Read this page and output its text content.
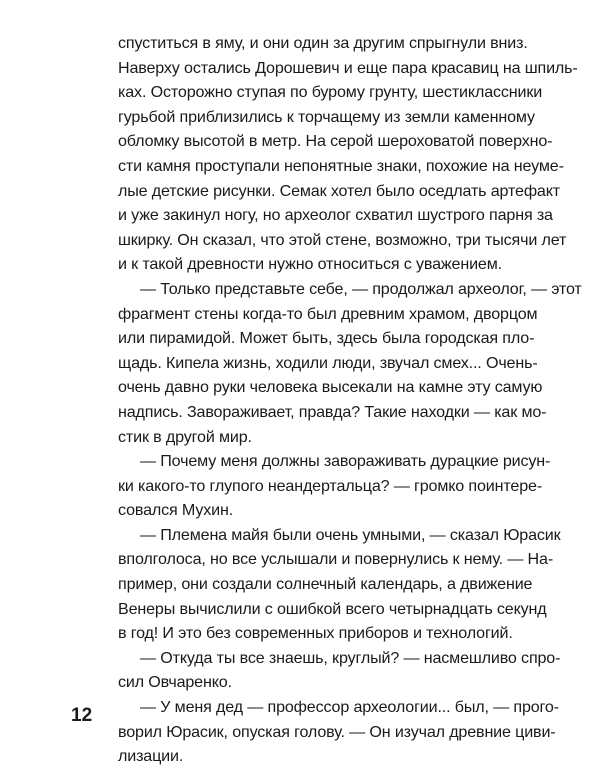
спуститься в яму, и они один за другим спрыгнули вниз.
Наверху остались Дорошевич и еще пара красавиц на шпиль-
ках. Осторожно ступая по бурому грунту, шестиклассники
гурьбой приблизились к торчащему из земли каменному
обломку высотой в метр. На серой шероховатой поверхно-
сти камня проступали непонятные знаки, похожие на неуме-
лые детские рисунки. Семак хотел было оседлать артефакт
и уже закинул ногу, но археолог схватил шустрого парня за
шкирку. Он сказал, что этой стене, возможно, три тысячи лет
и к такой древности нужно относиться с уважением.
— Только представьте себе, — продолжал археолог, — этот
фрагмент стены когда-то был древним храмом, дворцом
или пирамидой. Может быть, здесь была городская пло-
щадь. Кипела жизнь, ходили люди, звучал смех... Очень-
очень давно руки человека высекали на камне эту самую
надпись. Завораживает, правда? Такие находки — как мо-
стик в другой мир.
— Почему меня должны завораживать дурацкие рисун-
ки какого-то глупого неандертальца? — громко поинтере-
совался Мухин.
— Племена майя были очень умными, — сказал Юрасик
вполголоса, но все услышали и повернулись к нему. — На-
пример, они создали солнечный календарь, а движение
Венеры вычислили с ошибкой всего четырнадцать секунд
в год! И это без современных приборов и технологий.
— Откуда ты все знаешь, круглый? — насмешливо спро-
сил Овчаренко.
— У меня дед — профессор археологии... был, — прого-
ворил Юрасик, опуская голову. — Он изучал древние циви-
лизации.
12
